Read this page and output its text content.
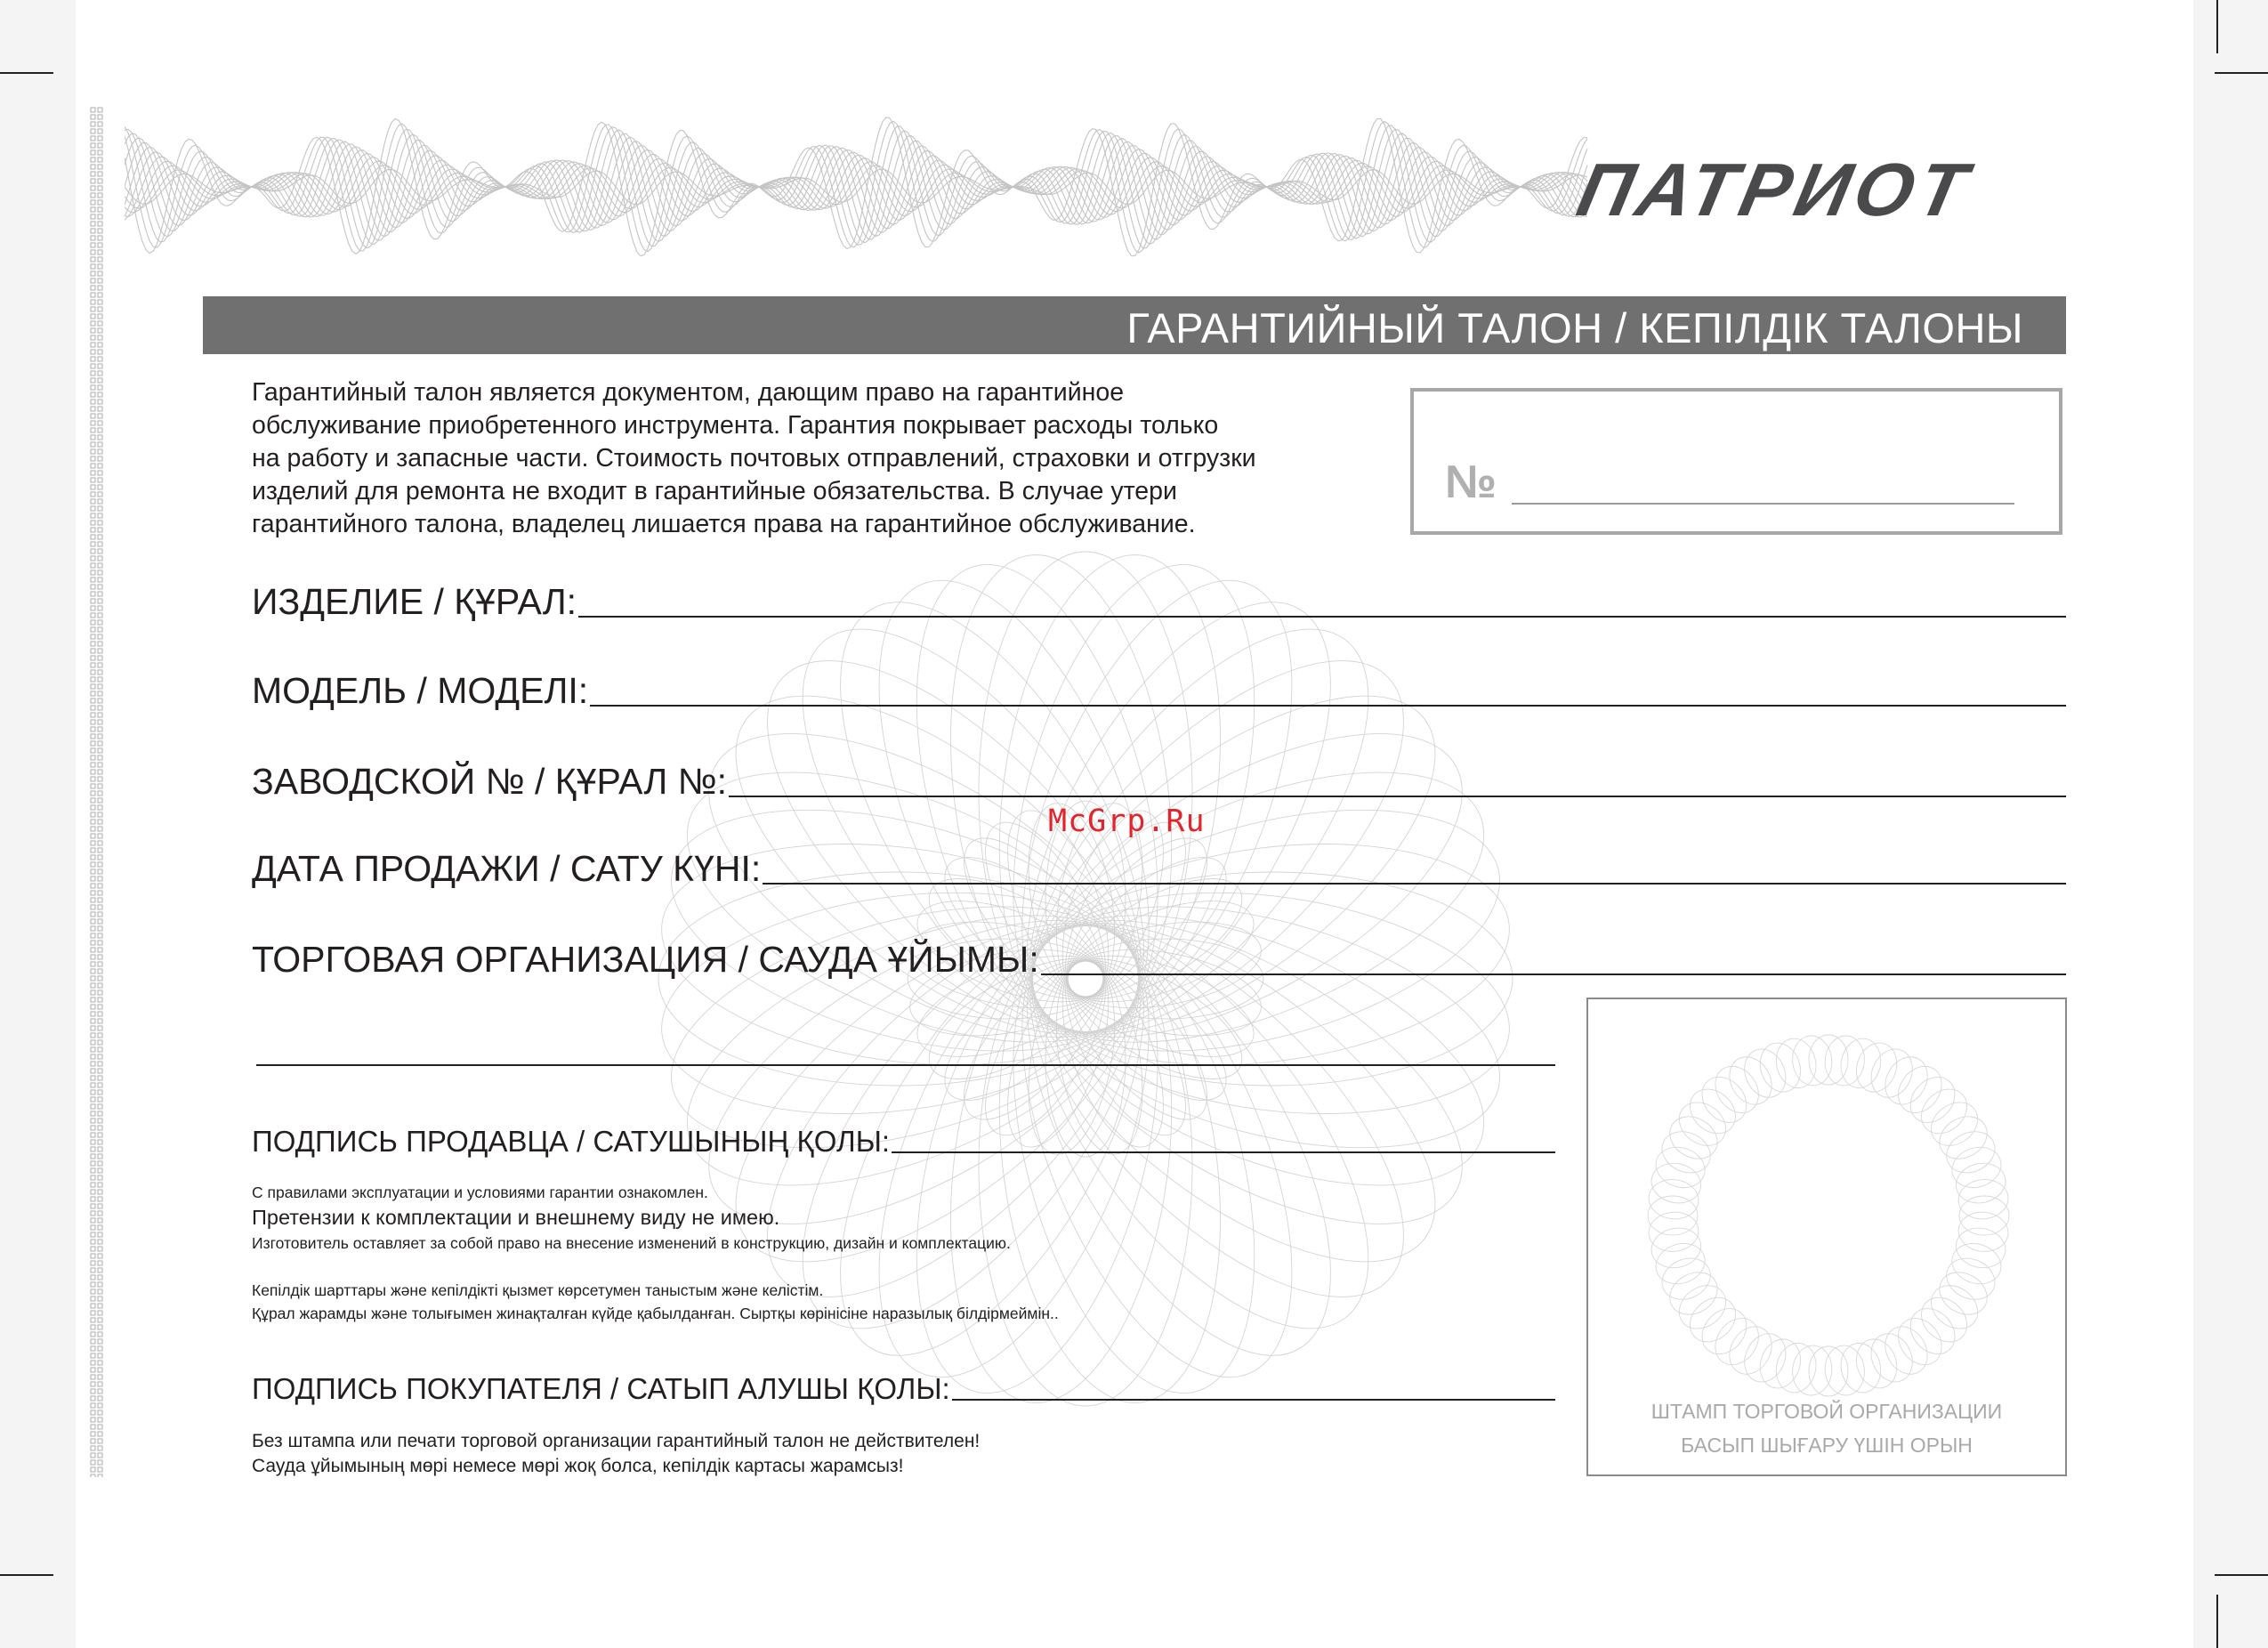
ПАТРИОТ
ГАРАНТИЙНЫЙ ТАЛОН / КЕПІЛДІК ТАЛОНЫ

Гарантийный талон является документом, дающим право на гарантийное

обслуживание приобретенного инструмента. Гарантия покрывает расходы только

на работу и запасные части. Стоимость почтовых отправлений, страховки и отгрузки

изделий для ремонта не входит в гарантийные обязательства. В случае утери

гарантийного талона, владелец лишается права на гарантийное обслуживание.

№
ИЗДЕЛИЕ / ҚҰРАЛ:
МОДЕЛЬ / МОДЕЛІ:
ЗАВОДСКОЙ № / ҚҰРАЛ №:
ДАТА ПРОДАЖИ / САТУ КҮНІ:
ТОРГОВАЯ ОРГАНИЗАЦИЯ / САУДА ҰЙЫМЫ:
ПОДПИСЬ ПРОДАВЦА / САТУШЫНЫҢ ҚОЛЫ:
С правилами эксплуатации и условиями гарантии ознакомлен.
Претензии к комплектации и внешнему виду не имею.
Изготовитель оставляет за собой право на внесение изменений в конструкцию, дизайн и комплектацию.
Кепілдік шарттары және кепілдікті қызмет көрсетумен таныстым және келістім.
Құрал жарамды және толығымен жинақталған күйде қабылданған. Сыртқы көрінісіне наразылық білдірмеймін..
ПОДПИСЬ ПОКУПАТЕЛЯ / САТЫП АЛУШЫ ҚОЛЫ:
Без штампа или печати торговой организации гарантийный талон не действителен!
Сауда ұйымының мөрі немесе мөрі жоқ болса, кепілдік картасы жарамсыз!
ШТАМП ТОРГОВОЙ ОРГАНИЗАЦИИ
БАСЫП ШЫҒАРУ ҮШІН ОРЫН
McGrp.Ru
